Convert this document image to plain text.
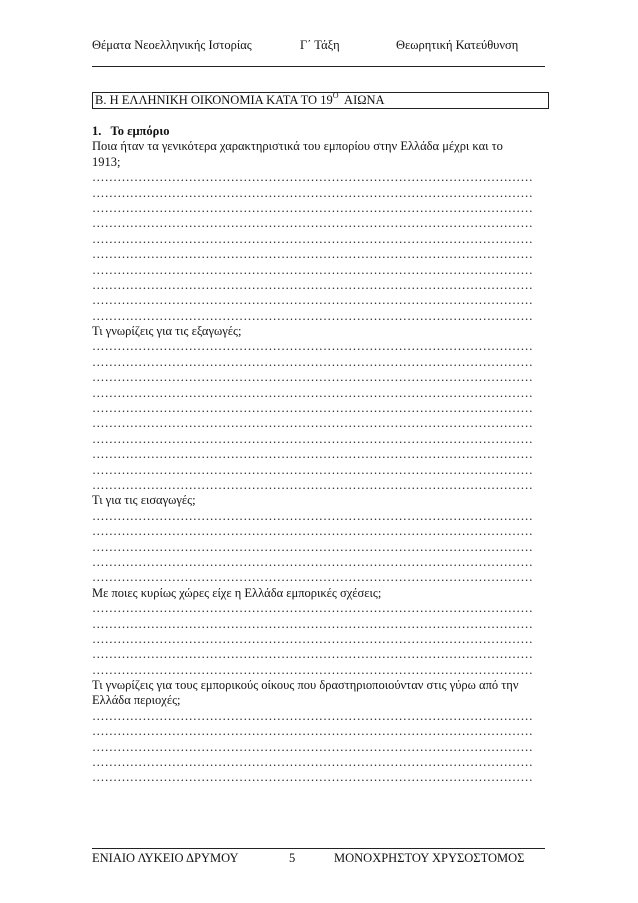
Θέματα Νεοελληνικής Ιστορίας	Γ΄ Τάξη	Θεωρητική Κατεύθυνση
Β. Η ΕΛΛΗΝΙΚΗ ΟΙΚΟΝΟΜΙΑ ΚΑΤΑ ΤΟ $19^O$  ΑΙΩΝΑ
1.   Το εμπόριο
Ποια ήταν τα γενικότερα χαρακτηριστικά του εμπορίου στην Ελλάδα μέχρι και το
1913;
……………………………………………………………………………………………
……………………………………………………………………………………………
……………………………………………………………………………………………
……………………………………………………………………………………………
……………………………………………………………………………………………
……………………………………………………………………………………………
……………………………………………………………………………………………
……………………………………………………………………………………………
……………………………………………………………………………………………
……………………………………………………………………………………………
Τι γνωρίζεις για τις εξαγωγές;
……………………………………………………………………………………………
……………………………………………………………………………………………
……………………………………………………………………………………………
……………………………………………………………………………………………
……………………………………………………………………………………………
……………………………………………………………………………………………
……………………………………………………………………………………………
……………………………………………………………………………………………
……………………………………………………………………………………………
……………………………………………………………………………………………
Τι για τις εισαγωγές;
……………………………………………………………………………………………
……………………………………………………………………………………………
……………………………………………………………………………………………
……………………………………………………………………………………………
……………………………………………………………………………………………
Με ποιες κυρίως χώρες είχε η Ελλάδα εμπορικές σχέσεις;
……………………………………………………………………………………………
……………………………………………………………………………………………
……………………………………………………………………………………………
……………………………………………………………………………………………
……………………………………………………………………………………………
Τι γνωρίζεις για τους εμπορικούς οίκους που δραστηριοποιούνταν στις γύρω από την
Ελλάδα περιοχές;
……………………………………………………………………………………………
……………………………………………………………………………………………
……………………………………………………………………………………………
……………………………………………………………………………………………
……………………………………………………………………………………………
ΕΝΙΑΙΟ ΛΥΚΕΙΟ ΔΡΥΜΟΥ	5	ΜΟΝΟΧΡΗΣΤΟΥ ΧΡΥΣΟΣΤΟΜΟΣ
